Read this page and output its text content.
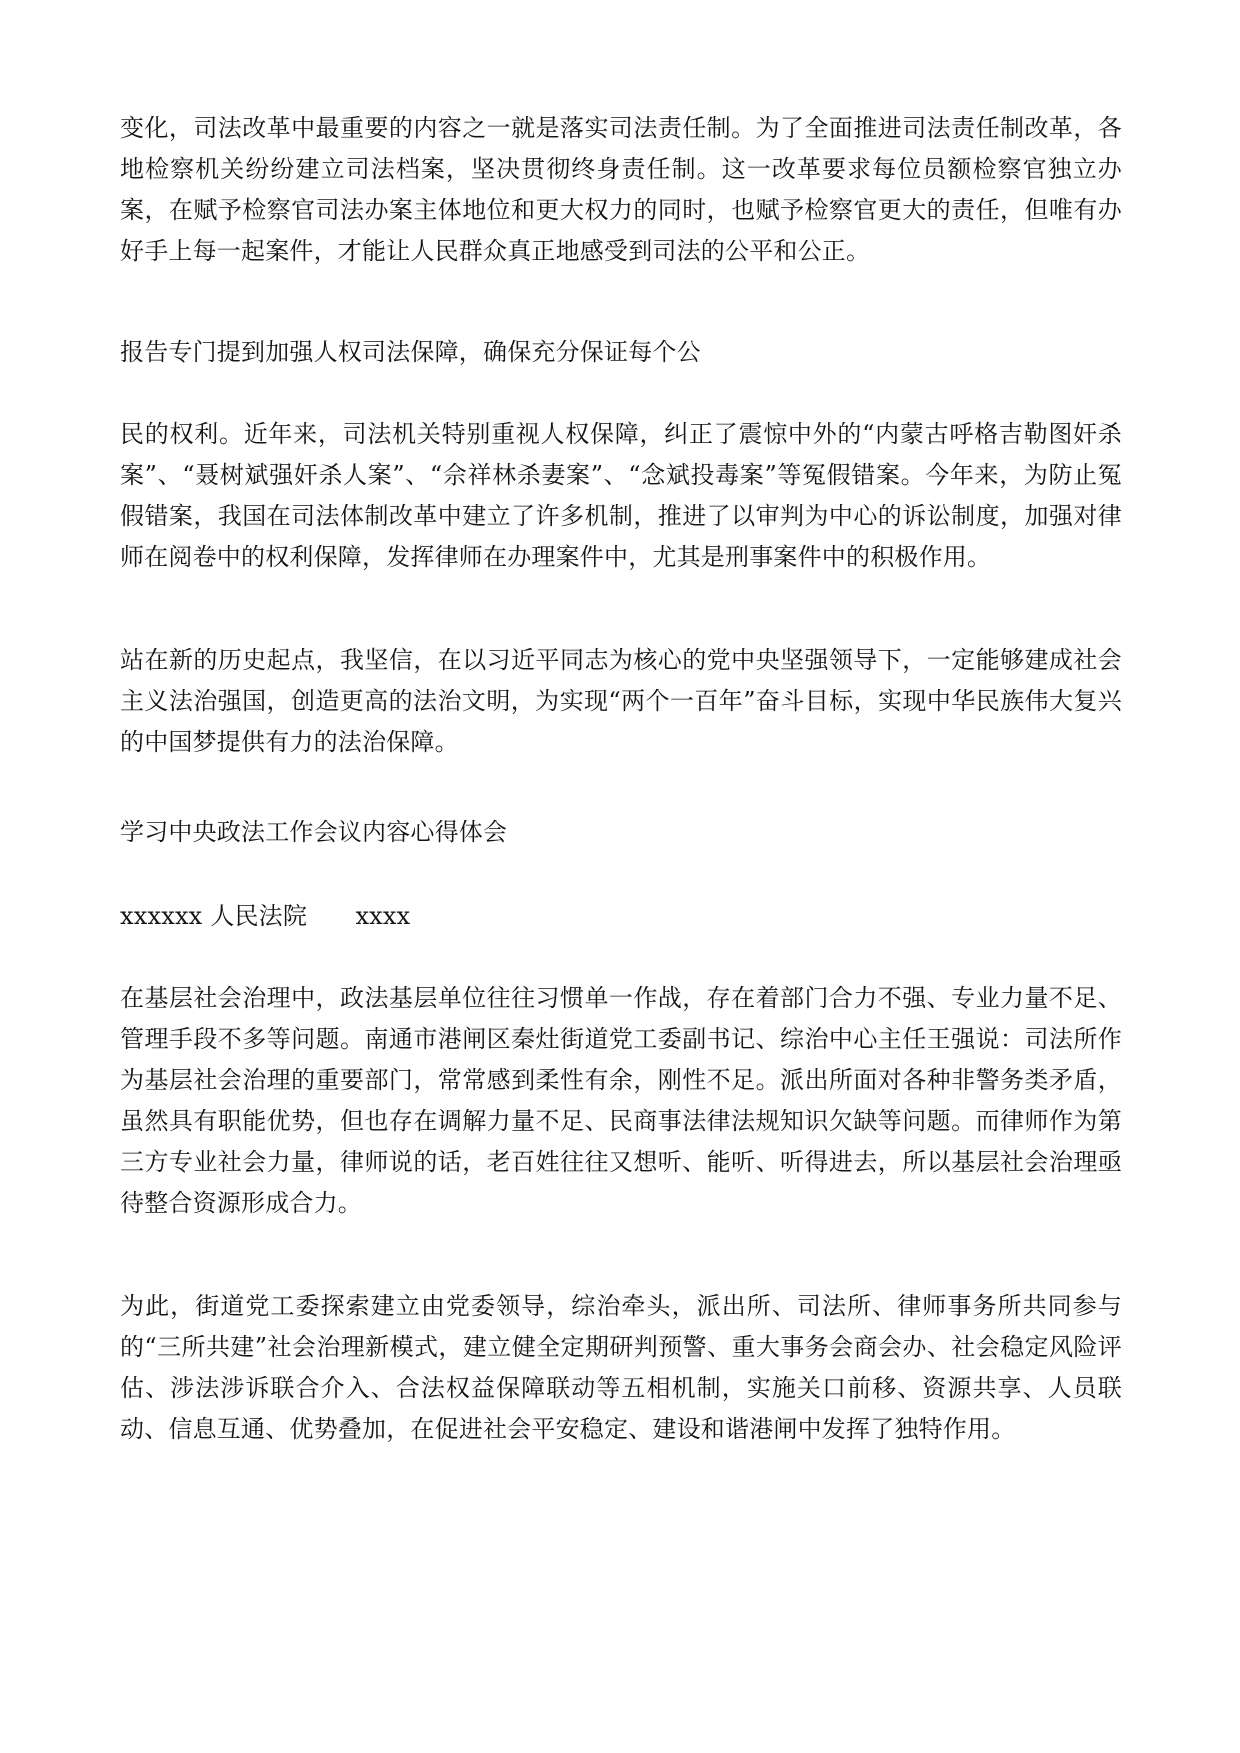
变化，司法改革中最重要的内容之一就是落实司法责任制。为了全面推进司法责任制改革，各地检察机关纷纷建立司法档案，坚决贯彻终身责任制。这一改革要求每位员额检察官独立办案，在赋予检察官司法办案主体地位和更大权力的同时，也赋予检察官更大的责任，但唯有办好手上每一起案件，才能让人民群众真正地感受到司法的公平和公正。

报告专门提到加强人权司法保障，确保充分保证每个公

民的权利。近年来，司法机关特别重视人权保障，纠正了震惊中外的“内蒙古呼格吉勒图奸杀案”、“聂树斌强奸杀人案”、“佘祥林杀妻案”、“念斌投毒案”等冤假错案。今年来，为防止冤假错案，我国在司法体制改革中建立了许多机制，推进了以审判为中心的诉讼制度，加强对律师在阅卷中的权利保障，发挥律师在办理案件中，尤其是刑事案件中的积极作用。

站在新的历史起点，我坚信，在以习近平同志为核心的党中央坚强领导下，一定能够建成社会主义法治强国，创造更高的法治文明，为实现“两个一百年”奋斗目标，实现中华民族伟大复兴的中国梦提供有力的法治保障。

学习中央政法工作会议内容心得体会

xxxxxx 人民法院　　xxxx

在基层社会治理中，政法基层单位往往习惯单一作战，存在着部门合力不强、专业力量不足、管理手段不多等问题。南通市港闸区秦灶街道党工委副书记、综治中心主任王强说：司法所作为基层社会治理的重要部门，常常感到柔性有余，刚性不足。派出所面对各种非警务类矛盾，虽然具有职能优势，但也存在调解力量不足、民商事法律法规知识欠缺等问题。而律师作为第三方专业社会力量，律师说的话，老百姓往往又想听、能听、听得进去，所以基层社会治理亟待整合资源形成合力。

为此，街道党工委探索建立由党委领导，综治牵头，派出所、司法所、律师事务所共同参与的“三所共建”社会治理新模式，建立健全定期研判预警、重大事务会商会办、社会稳定风险评估、涉法涉诉联合介入、合法权益保障联动等五相机制，实施关口前移、资源共享、人员联动、信息互通、优势叠加，在促进社会平安稳定、建设和谐港闸中发挥了独特作用。
